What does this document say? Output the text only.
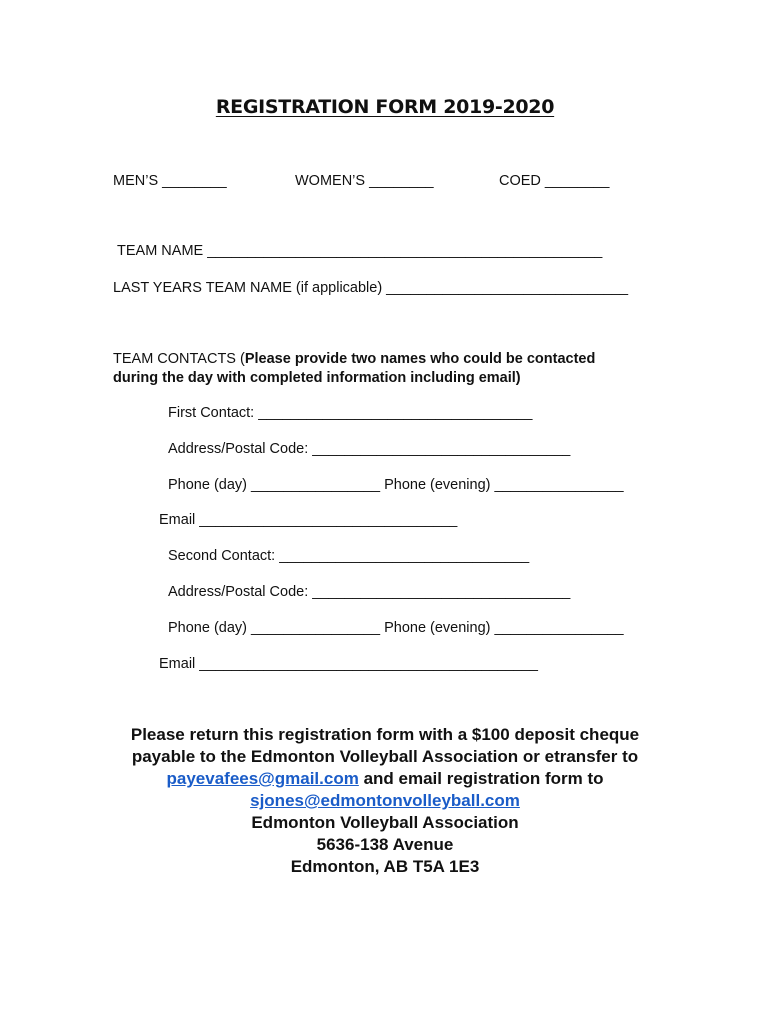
REGISTRATION FORM 2019-2020
MEN’S ________	WOMEN’S ________	COED ________
TEAM NAME _________________________________________________
LAST YEARS TEAM NAME (if applicable) ______________________________
TEAM CONTACTS (Please provide two names who could be contacted
during the day with completed information including email)
First Contact: __________________________________
Address/Postal Code: ________________________________
Phone (day) ________________ Phone (evening) ________________
Email ________________________________
Second Contact: _______________________________
Address/Postal Code: ________________________________
Phone (day) ________________ Phone (evening) ________________
Email __________________________________________
Please return this registration form with a $100 deposit cheque
payable to the Edmonton Volleyball Association or etransfer to
payevafees@gmail.com and email registration form to
sjones@edmontonvolleyball.com
Edmonton Volleyball Association
5636-138 Avenue
Edmonton, AB T5A 1E3
